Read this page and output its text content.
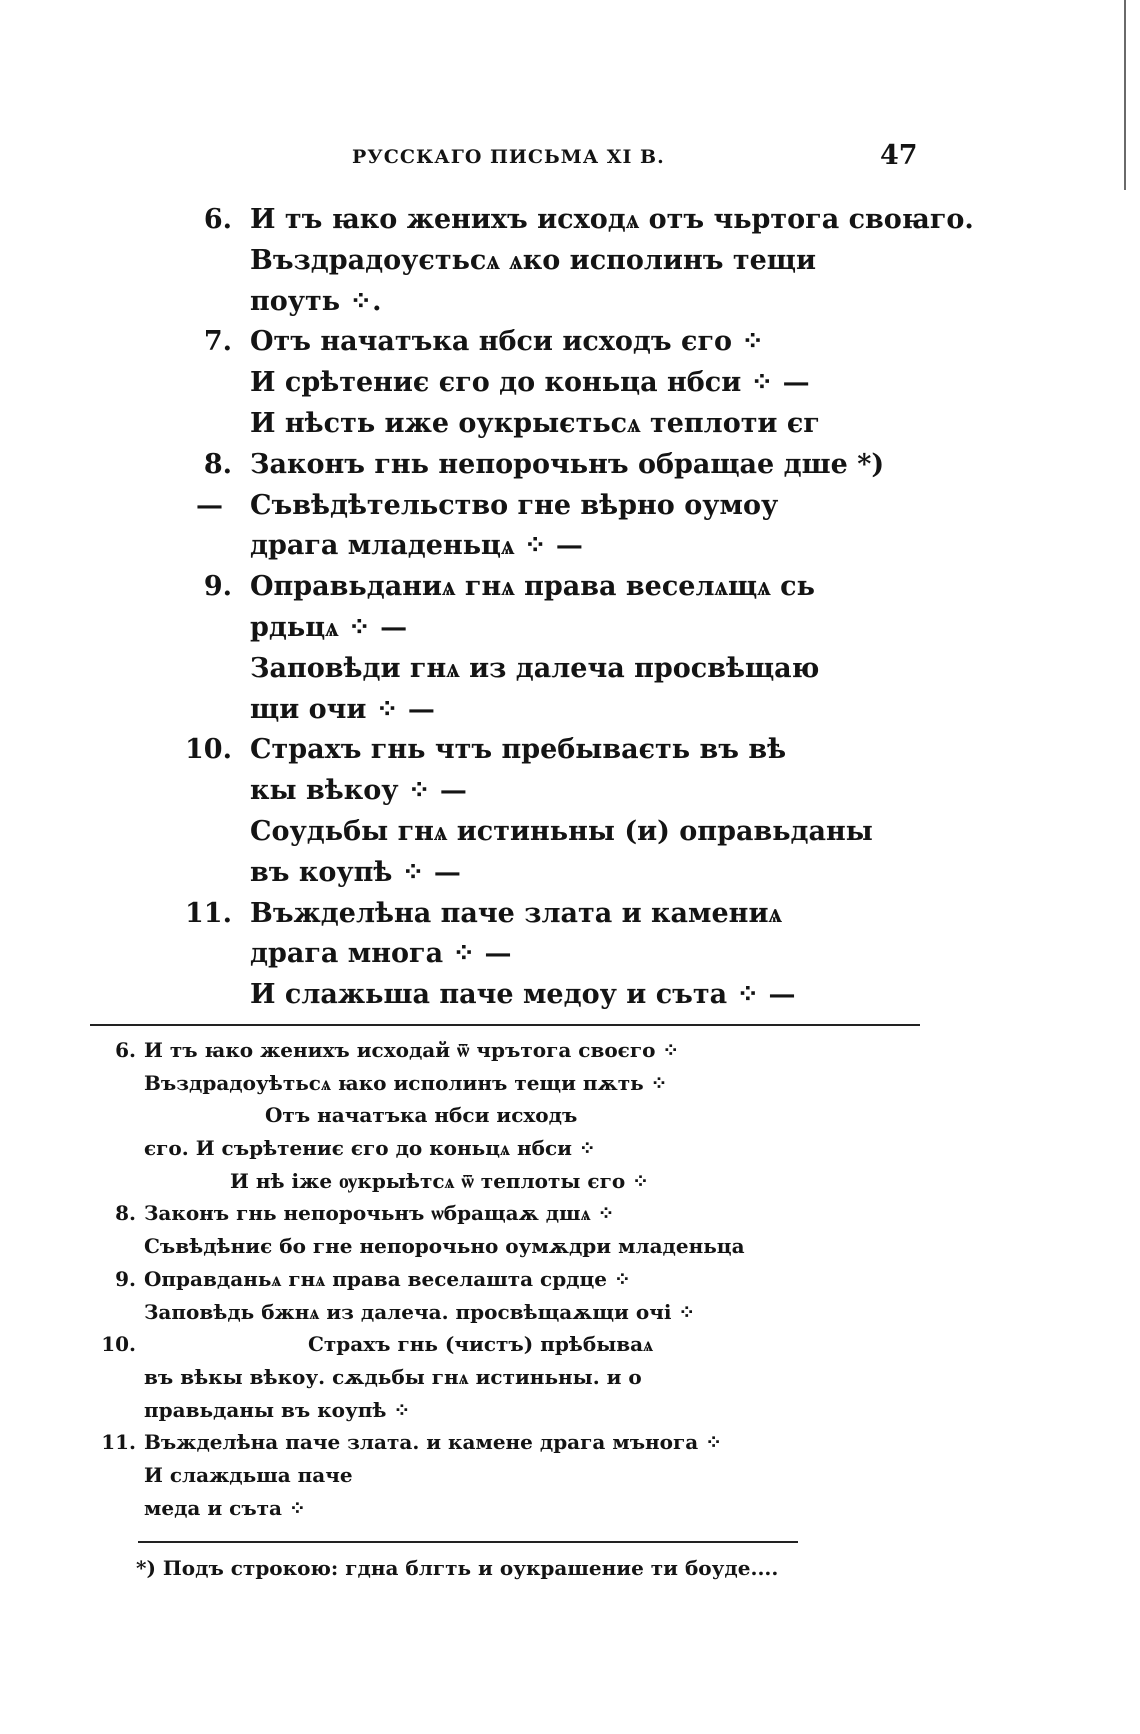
РУССКАГО ПИСЬМА XI В.	47
6. И тъ ꙗко женихъ исходѧ отъ чьртога своꙗго.
Въздрадоуєтьсѧ ѧко исполинъ тещи
поуть ⁘.
7. Отъ начатъка нбси исходъ єго ⁘
И срѣтениє єго до коньца нбси ⁘ —
И нѣсть иже оукрыєтьсѧ теплоти єг
8. Законъ гнь непорочьнъ обращае дше *)
— Съвѣдѣтельство гне вѣрно оумоу
драга младеньцѧ ⁘ —
9. Оправьданиѧ гнѧ права веселѧщѧ сь
рдьцѧ ⁘ —
Заповѣди гнѧ из далеча просвѣщаю
щи очи ⁘ —
10. Страхъ гнь чтъ пребываєть въ вѣ
кы вѣкоу ⁘ —
Соудьбы гнѧ истиньны (и) оправьданы
въ коупѣ ⁘ —
11. Въжделѣна паче злата и камениѧ
драга многа ⁘ —
И слажьша паче медоу и съта ⁘ —
6. И тъ ꙗко женихъ исходай ѿ чрътога своєго ⁘
Въздрадоуѣтьсѧ ꙗко исполинъ тещи пѫть ⁘
Отъ начатъка нбси исходъ
єго. И сърѣтениє єго до коньцѧ нбси ⁘
И нѣ іже ѹкрыѣтсѧ ѿ теплоты єго ⁘
8. Законъ гнь непорочьнъ ѡбращаѫ дшѧ ⁘
Съвѣдѣниє бо гне непорочьно оумѫдри младеньца
9. Оправданьѧ гнѧ права веселашта срдце ⁘
Заповѣдь бжнѧ из далеча. просвѣщаѫщи очі ⁘
10.	Страхъ гнь (чистъ) прѣбываѧ
въ вѣкы вѣкоу. сѫдьбы гнѧ истиньны. и о
правьданы въ коупѣ ⁘
11. Въжделѣна паче злата. и камене драга мънога ⁘
И слаждьша паче
меда и съта ⁘
*) Подъ строкою: гдна блгть и оукрашение ти боуде....
